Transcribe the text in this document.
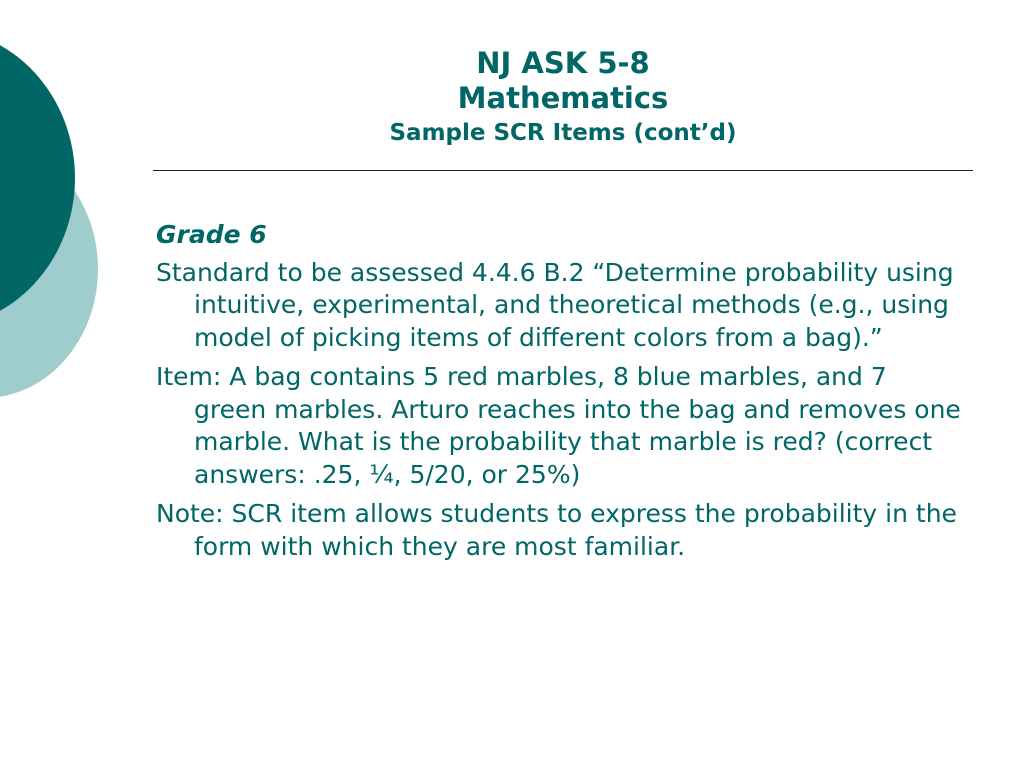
NJ ASK 5-8
Mathematics
Sample SCR Items (cont’d)
Grade 6
Standard to be assessed 4.4.6 B.2 “Determine probability using intuitive, experimental, and theoretical methods (e.g., using model of picking items of different colors from a bag).”
Item: A bag contains 5 red marbles, 8 blue marbles, and 7 green marbles. Arturo reaches into the bag and removes one marble. What is the probability that marble is red? (correct answers: .25, ¼, 5/20, or 25%)
Note: SCR item allows students to express the probability in the form with which they are most familiar.
